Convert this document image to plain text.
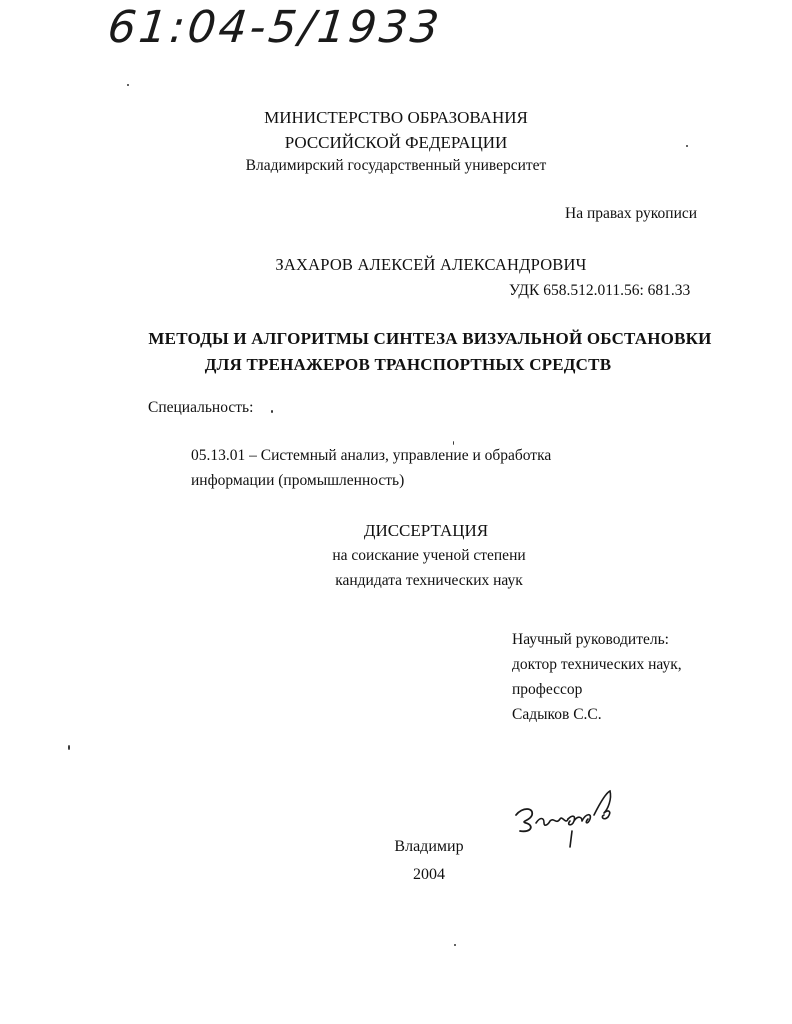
61:04-5/1933
МИНИСТЕРСТВО ОБРАЗОВАНИЯ
РОССИЙСКОЙ ФЕДЕРАЦИИ
Владимирский государственный университет
На правах рукописи
ЗАХАРОВ АЛЕКСЕЙ АЛЕКСАНДРОВИЧ
УДК 658.512.011.56: 681.33
МЕТОДЫ И АЛГОРИТМЫ СИНТЕЗА ВИЗУАЛЬНОЙ ОБСТАНОВКИ
ДЛЯ ТРЕНАЖЕРОВ ТРАНСПОРТНЫХ СРЕДСТВ
Специальность:
05.13.01 – Системный анализ, управление и обработка
информации (промышленность)
ДИССЕРТАЦИЯ
на соискание ученой степени
кандидата технических наук
Научный руководитель:
доктор технических наук,
профессор
Садыков С.С.
Владимир
2004
